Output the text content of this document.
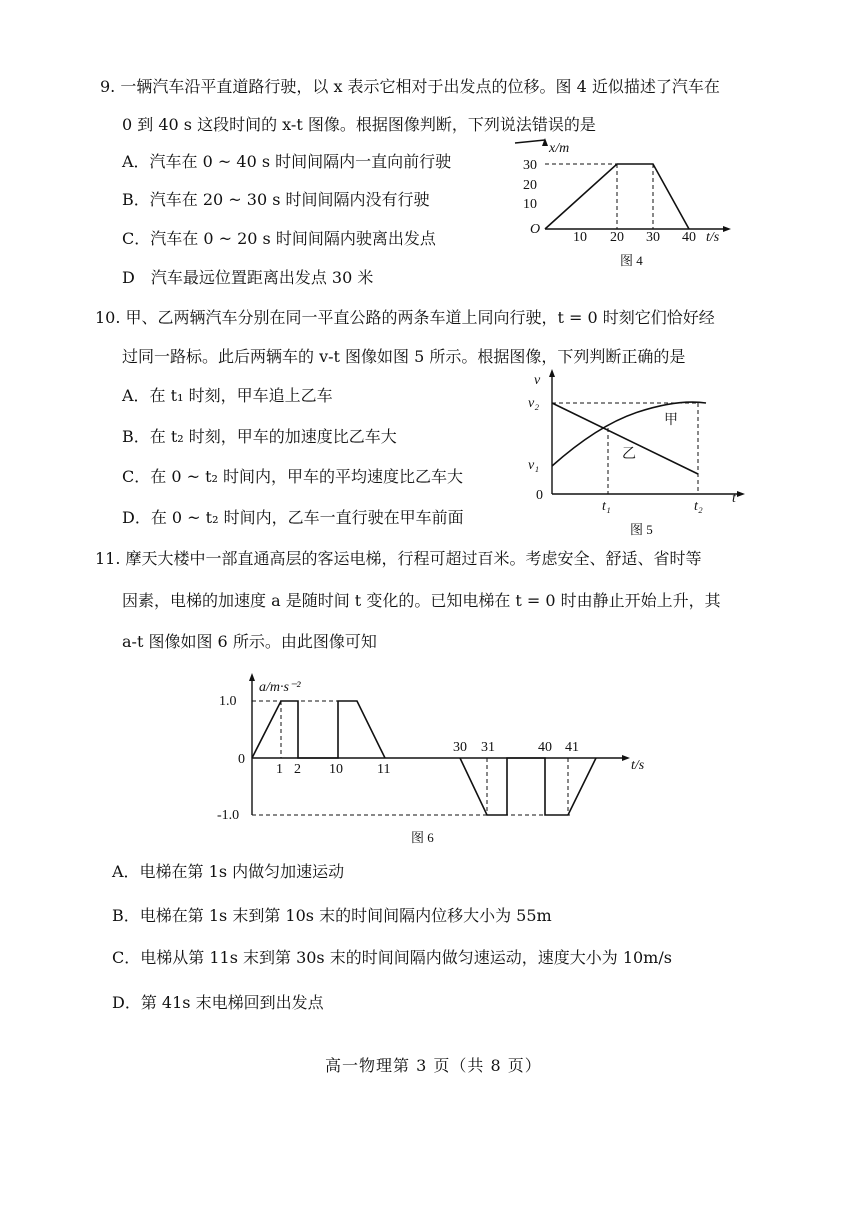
9. 一辆汽车沿平直道路行驶，以 x 表示它相对于出发点的位移。图 4 近似描述了汽车在
0 到 40 s 这段时间的 x-t 图像。根据图像判断，下列说法错误的是
A．汽车在 0 ~ 40 s 时间间隔内一直向前行驶
B．汽车在 20 ~ 30 s 时间间隔内没有行驶
C．汽车在 0 ~ 20 s 时间间隔内驶离出发点
D　汽车最远位置距离出发点 30 米
x/m
30
20
10
O
10 20 30 40 t/s
图 4
10. 甲、乙两辆汽车分别在同一平直公路的两条车道上同向行驶，t = 0 时刻它们恰好经
过同一路标。此后两辆车的 v-t 图像如图 5 所示。根据图像，下列判断正确的是
A．在 t₁ 时刻，甲车追上乙车
B．在 t₂ 时刻，甲车的加速度比乙车大
C．在 0 ~ t₂ 时间内，甲车的平均速度比乙车大
D．在 0 ~ t₂ 时间内，乙车一直行驶在甲车前面
v
v₂
v₁
0	t
t₁	t₂
甲
乙
图 5
11. 摩天大楼中一部直通高层的客运电梯，行程可超过百米。考虑安全、舒适、省时等
因素，电梯的加速度 a 是随时间 t 变化的。已知电梯在 t = 0 时由静止开始上升，其
a-t 图像如图 6 所示。由此图像可知
a/m·s⁻²
1.0
0
-1.0
1 2 10 11
30 31	40 41
t/s
图 6
A．电梯在第 1s 内做匀加速运动
B．电梯在第 1s 末到第 10s 末的时间间隔内位移大小为 55m
C．电梯从第 11s 末到第 30s 末的时间间隔内做匀速运动，速度大小为 10m/s
D．第 41s 末电梯回到出发点
高一物理第 3 页（共 8 页）
